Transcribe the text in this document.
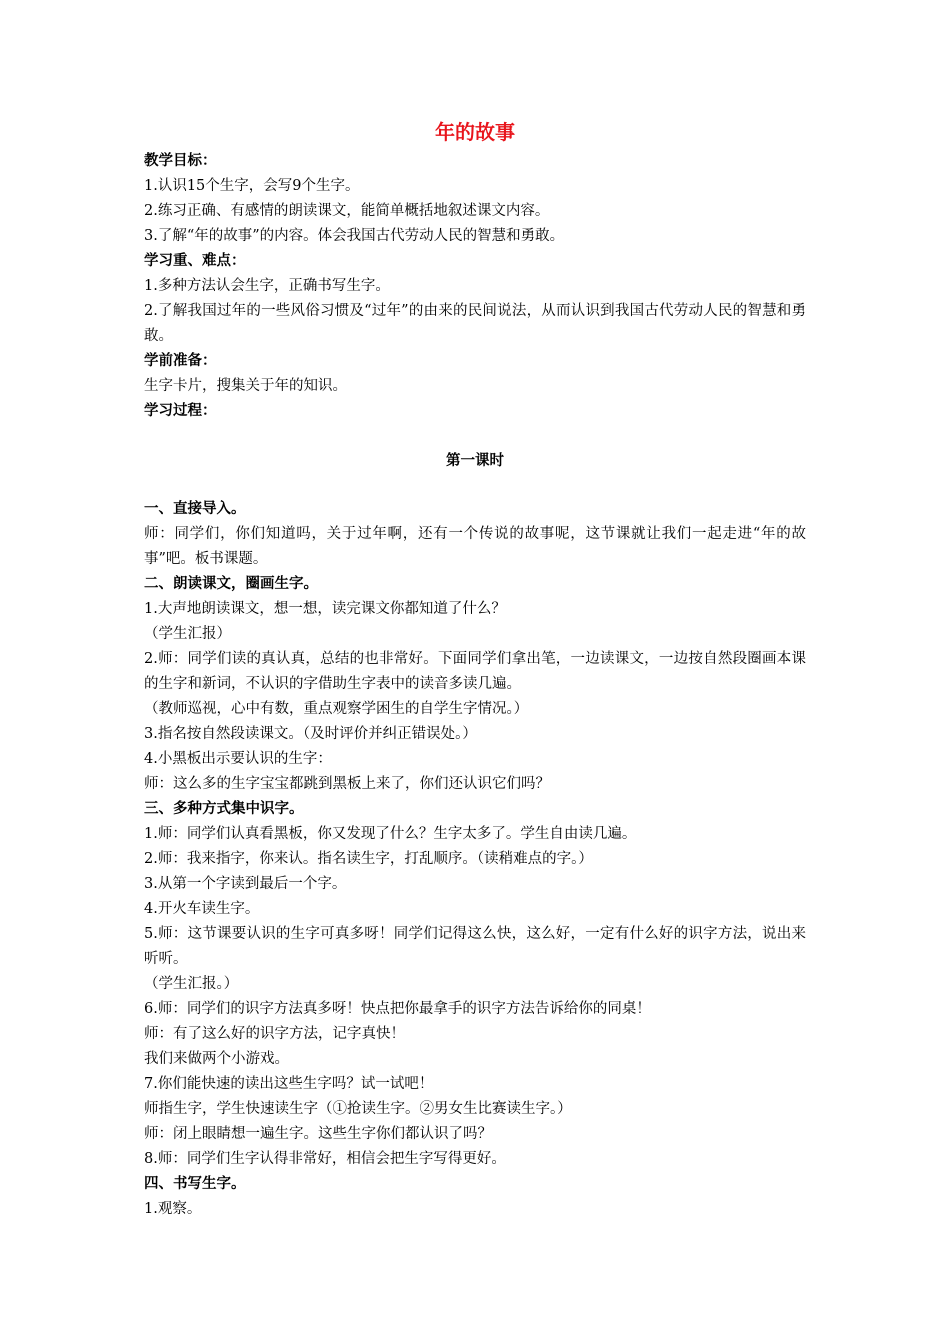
年的故事
教学目标：
1.认识15个生字，会写9个生字。
2.练习正确、有感情的朗读课文，能简单概括地叙述课文内容。
3.了解“年的故事”的内容。体会我国古代劳动人民的智慧和勇敢。
学习重、难点：
1.多种方法认会生字，正确书写生字。
2.了解我国过年的一些风俗习惯及“过年”的由来的民间说法，从而认识到我国古代劳动人民的智慧和勇敢。
学前准备：
生字卡片，搜集关于年的知识。
学习过程：
第一课时
一、直接导入。
师：同学们，你们知道吗，关于过年啊，还有一个传说的故事呢，这节课就让我们一起走进“年的故事”吧。板书课题。
二、朗读课文，圈画生字。
1.大声地朗读课文，想一想，读完课文你都知道了什么？
（学生汇报）
2.师：同学们读的真认真，总结的也非常好。下面同学们拿出笔，一边读课文，一边按自然段圈画本课的生字和新词，不认识的字借助生字表中的读音多读几遍。
（教师巡视，心中有数，重点观察学困生的自学生字情况。）
3.指名按自然段读课文。（及时评价并纠正错误处。）
4.小黑板出示要认识的生字：
师：这么多的生字宝宝都跳到黑板上来了，你们还认识它们吗？
三、多种方式集中识字。
1.师：同学们认真看黑板，你又发现了什么？生字太多了。学生自由读几遍。
2.师：我来指字，你来认。指名读生字，打乱顺序。（读稍难点的字。）
3.从第一个字读到最后一个字。
4.开火车读生字。
5.师：这节课要认识的生字可真多呀！同学们记得这么快，这么好，一定有什么好的识字方法，说出来听听。
（学生汇报。）
6.师：同学们的识字方法真多呀！快点把你最拿手的识字方法告诉给你的同桌！
师：有了这么好的识字方法，记字真快！
我们来做两个小游戏。
7.你们能快速的读出这些生字吗？试一试吧！
师指生字，学生快速读生字（①抢读生字。②男女生比赛读生字。）
师：闭上眼睛想一遍生字。这些生字你们都认识了吗？
8.师：同学们生字认得非常好，相信会把生字写得更好。
四、书写生字。
1.观察。
